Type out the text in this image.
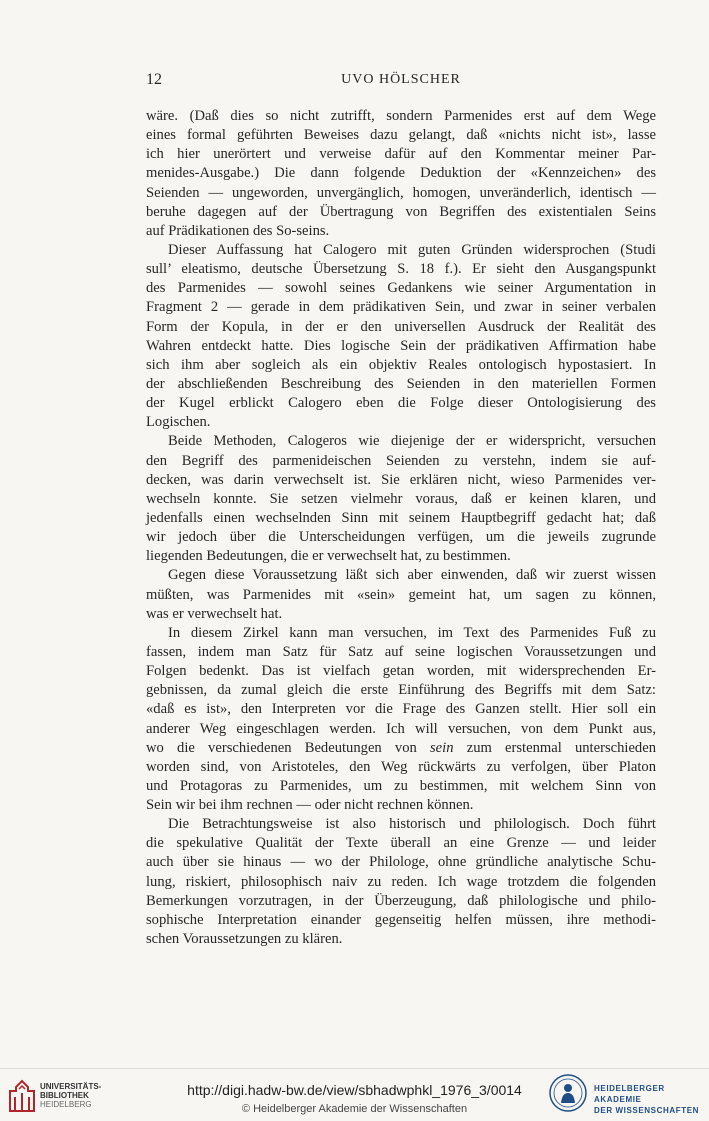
12	UVO HÖLSCHER
wäre. (Daß dies so nicht zutrifft, sondern Parmenides erst auf dem Wege
eines formal geführten Beweises dazu gelangt, daß «nichts nicht ist», lasse
ich hier unerörtert und verweise dafür auf den Kommentar meiner Par-
menides-Ausgabe.) Die dann folgende Deduktion der «Kennzeichen» des
Seienden — ungeworden, unvergänglich, homogen, unveränderlich, identisch —
beruhe dagegen auf der Übertragung von Begriffen des existentialen Seins
auf Prädikationen des So-seins.
Dieser Auffassung hat Calogero mit guten Gründen widersprochen (Studi
sull’ eleatismo, deutsche Übersetzung S. 18 f.). Er sieht den Ausgangspunkt
des Parmenides — sowohl seines Gedankens wie seiner Argumentation in
Fragment 2 — gerade in dem prädikativen Sein, und zwar in seiner verbalen
Form der Kopula, in der er den universellen Ausdruck der Realität des
Wahren entdeckt hatte. Dies logische Sein der prädikativen Affirmation habe
sich ihm aber sogleich als ein objektiv Reales ontologisch hypostasiert. In
der abschließenden Beschreibung des Seienden in den materiellen Formen
der Kugel erblickt Calogero eben die Folge dieser Ontologisierung des
Logischen.
Beide Methoden, Calogeros wie diejenige der er widerspricht, versuchen
den Begriff des parmenideischen Seienden zu verstehn, indem sie auf-
decken, was darin verwechselt ist. Sie erklären nicht, wieso Parmenides ver-
wechseln konnte. Sie setzen vielmehr voraus, daß er keinen klaren, und
jedenfalls einen wechselnden Sinn mit seinem Hauptbegriff gedacht hat; daß
wir jedoch über die Unterscheidungen verfügen, um die jeweils zugrunde
liegenden Bedeutungen, die er verwechselt hat, zu bestimmen.
Gegen diese Voraussetzung läßt sich aber einwenden, daß wir zuerst wissen
müßten, was Parmenides mit «sein» gemeint hat, um sagen zu können,
was er verwechselt hat.
In diesem Zirkel kann man versuchen, im Text des Parmenides Fuß zu
fassen, indem man Satz für Satz auf seine logischen Voraussetzungen und
Folgen bedenkt. Das ist vielfach getan worden, mit widersprechenden Er-
gebnissen, da zumal gleich die erste Einführung des Begriffs mit dem Satz:
«daß es ist», den Interpreten vor die Frage des Ganzen stellt. Hier soll ein
anderer Weg eingeschlagen werden. Ich will versuchen, von dem Punkt aus,
wo die verschiedenen Bedeutungen von sein zum erstenmal unterschieden
worden sind, von Aristoteles, den Weg rückwärts zu verfolgen, über Platon
und Protagoras zu Parmenides, um zu bestimmen, mit welchem Sinn von
Sein wir bei ihm rechnen — oder nicht rechnen können.
Die Betrachtungsweise ist also historisch und philologisch. Doch führt
die spekulative Qualität der Texte überall an eine Grenze — und leider
auch über sie hinaus — wo der Philologe, ohne gründliche analytische Schu-
lung, riskiert, philosophisch naiv zu reden. Ich wage trotzdem die folgenden
Bemerkungen vorzutragen, in der Überzeugung, daß philologische und philo-
sophische Interpretation einander gegenseitig helfen müssen, ihre methodi-
schen Voraussetzungen zu klären.
UNIVERSITÄTS-
BIBLIOTHEK
HEIDELBERG
http://digi.hadw-bw.de/view/sbhadwphkl_1976_3/0014
© Heidelberger Akademie der Wissenschaften
HEIDELBERGER AKADEMIE
DER WISSENSCHAFTEN
